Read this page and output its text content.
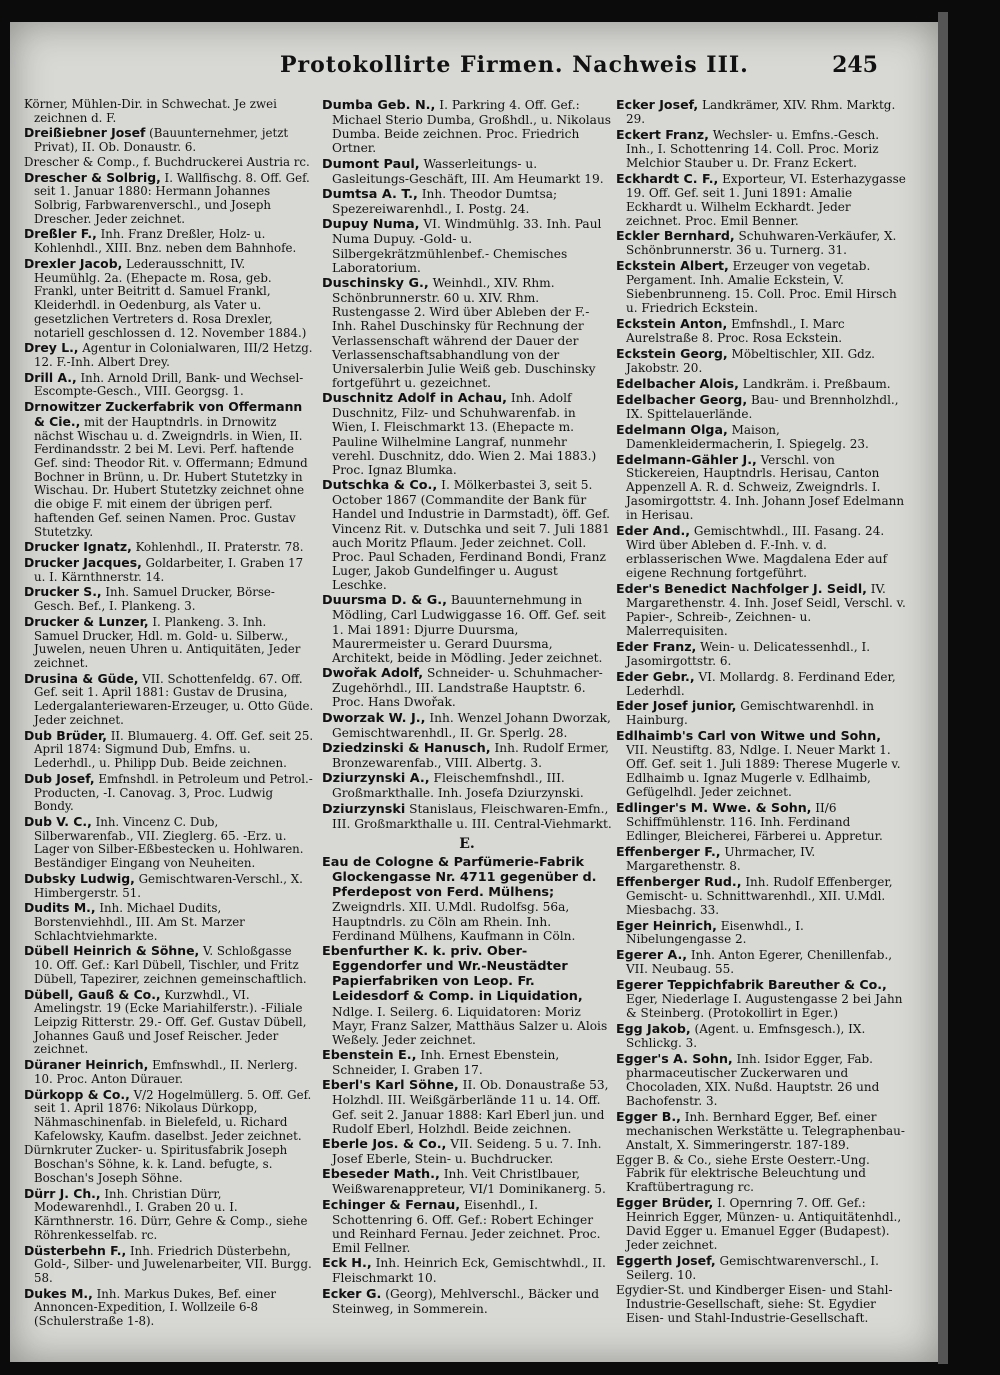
Protokollirte Firmen. Nachweis III.	245
Körner, Mühlen-Dir. in Schwechat. Je zwei zeichnen d. F.
Dreißiebner Josef (Bauunternehmer, jetzt Privat), II. Ob. Donaustr. 6.
Drescher & Comp., f. Buchdruckerei Austria rc.
Drescher & Solbrig, I. Wallfischg. 8. Off. Gef. seit 1. Januar 1880: Hermann Johannes Solbrig, Farbwarenverschl., und Joseph Drescher. Jeder zeichnet.
Dreßler F., Inh. Franz Dreßler, Holz- u. Kohlenhdl., XIII. Bnz. neben dem Bahnhofe.
Drexler Jacob, Lederausschnitt, IV. Heumühlg. 2a. (Ehepacte m. Rosa, geb. Frankl, unter Beitritt d. Samuel Frankl, Kleiderhdl. in Oedenburg, als Vater u. gesetzlichen Vertreters d. Rosa Drexler, notariell geschlossen d. 12. November 1884.)
Drey L., Agentur in Colonialwaren, III/2 Hetzg. 12. F.-Inh. Albert Drey.
Drill A., Inh. Arnold Drill, Bank- und Wechsel-Escompte-Gesch., VIII. Georgsg. 1.
Drnowitzer Zuckerfabrik von Offermann & Cie., mit der Hauptndrls. in Drnowitz nächst Wischau u. d. Zweigndrls. in Wien, II. Ferdinandsstr. 2 bei M. Levi. Perf. haftende Gef. sind: Theodor Rit. v. Offermann; Edmund Bochner in Brünn, u. Dr. Hubert Stutetzky in Wischau. Dr. Hubert Stutetzky zeichnet ohne die obige F. mit einem der übrigen perf. haftenden Gef. seinen Namen. Proc. Gustav Stutetzky.
Drucker Ignatz, Kohlenhdl., II. Praterstr. 78.
Drucker Jacques, Goldarbeiter, I. Graben 17 u. I. Kärnthnerstr. 14.
Drucker S., Inh. Samuel Drucker, Börse-Gesch. Bef., I. Plankeng. 3.
Drucker & Lunzer, I. Plankeng. 3. Inh. Samuel Drucker, Hdl. m. Gold- u. Silberw., Juwelen, neuen Uhren u. Antiquitäten, Jeder zeichnet.
Drusina & Güde, VII. Schottenfeldg. 67. Off. Gef. seit 1. April 1881: Gustav de Drusina, Ledergalanteriewaren-Erzeuger, u. Otto Güde. Jeder zeichnet.
Dub Brüder, II. Blumauerg. 4. Off. Gef. seit 25. April 1874: Sigmund Dub, Emfns. u. Lederhdl., u. Philipp Dub. Beide zeichnen.
Dub Josef, Emfnshdl. in Petroleum und Petrol.-Producten, -I. Canovag. 3, Proc. Ludwig Bondy.
Dub V. C., Inh. Vincenz C. Dub, Silberwarenfab., VII. Zieglerg. 65. -Erz. u. Lager von Silber-Eßbestecken u. Hohlwaren. Beständiger Eingang von Neuheiten.
Dubsky Ludwig, Gemischtwaren-Verschl., X. Himbergerstr. 51.
Dudits M., Inh. Michael Dudits, Borstenviehhdl., III. Am St. Marzer Schlachtviehmarkte.
Dübell Heinrich & Söhne, V. Schloßgasse 10. Off. Gef.: Karl Dübell, Tischler, und Fritz Dübell, Tapezirer, zeichnen gemeinschaftlich.
Dübell, Gauß & Co., Kurzwhdl., VI. Amelingstr. 19 (Ecke Mariahilferstr.). -Filiale Leipzig Ritterstr. 29.- Off. Gef. Gustav Dübell, Johannes Gauß und Josef Reischer. Jeder zeichnet.
Düraner Heinrich, Emfnswhdl., II. Nerlerg. 10. Proc. Anton Dürauer.
Dürkopp & Co., V/2 Hogelmüllerg. 5. Off. Gef. seit 1. April 1876: Nikolaus Dürkopp, Nähmaschinenfab. in Bielefeld, u. Richard Kafelowsky, Kaufm. daselbst. Jeder zeichnet.
Dürnkruter Zucker- u. Spiritusfabrik Joseph Boschan's Söhne, k. k. Land. befugte, s. Boschan's Joseph Söhne.
Dürr J. Ch., Inh. Christian Dürr, Modewarenhdl., I. Graben 20 u. I. Kärnthnerstr. 16. Dürr, Gehre & Comp., siehe Röhrenkesselfab. rc.
Düsterbehn F., Inh. Friedrich Düsterbehn, Gold-, Silber- und Juwelenarbeiter, VII. Burgg. 58.
Dukes M., Inh. Markus Dukes, Bef. einer Annoncen-Expedition, I. Wollzeile 6-8 (Schulerstraße 1-8).
Dumba Geb. N., I. Parkring 4. Off. Gef.: Michael Sterio Dumba, Großhdl., u. Nikolaus Dumba. Beide zeichnen. Proc. Friedrich Ortner.
Dumont Paul, Wasserleitungs- u. Gasleitungs-Geschäft, III. Am Heumarkt 19.
Dumtsa A. T., Inh. Theodor Dumtsa; Spezereiwarenhdl., I. Postg. 24.
Dupuy Numa, VI. Windmühlg. 33. Inh. Paul Numa Dupuy. -Gold- u. Silbergekrätzmühlenbef.- Chemisches Laboratorium.
Duschinsky G., Weinhdl., XIV. Rhm. Schönbrunnerstr. 60 u. XIV. Rhm. Rustengasse 2. Wird über Ableben der F.-Inh. Rahel Duschinsky für Rechnung der Verlassenschaft während der Dauer der Verlassenschaftsabhandlung von der Universalerbin Julie Weiß geb. Duschinsky fortgeführt u. gezeichnet.
Duschnitz Adolf in Achau, Inh. Adolf Duschnitz, Filz- und Schuhwarenfab. in Wien, I. Fleischmarkt 13. (Ehepacte m. Pauline Wilhelmine Langraf, nunmehr verehl. Duschnitz, ddo. Wien 2. Mai 1883.) Proc. Ignaz Blumka.
Dutschka & Co., I. Mölkerbastei 3, seit 5. October 1867 (Commandite der Bank für Handel und Industrie in Darmstadt), öff. Gef. Vincenz Rit. v. Dutschka und seit 7. Juli 1881 auch Moritz Pflaum. Jeder zeichnet. Coll. Proc. Paul Schaden, Ferdinand Bondi, Franz Luger, Jakob Gundelfinger u. August Leschke.
Duursma D. & G., Bauunternehmung in Mödling, Carl Ludwiggasse 16. Off. Gef. seit 1. Mai 1891: Djurre Duursma, Maurermeister u. Gerard Duursma, Architekt, beide in Mödling. Jeder zeichnet.
Dwořak Adolf, Schneider- u. Schuhmacher-Zugehörhdl., III. Landstraße Hauptstr. 6. Proc. Hans Dwořak.
Dworzak W. J., Inh. Wenzel Johann Dworzak, Gemischtwarenhdl., II. Gr. Sperlg. 28.
Dziedzinski & Hanusch, Inh. Rudolf Ermer, Bronzewarenfab., VIII. Albertg. 3.
Dziurzynski A., Fleischemfnshdl., III. Großmarkthalle. Inh. Josefa Dziurzynski.
Dziurzynski Stanislaus, Fleischwaren-Emfn., III. Großmarkthalle u. III. Central-Viehmarkt.
E.
Eau de Cologne & Parfümerie-Fabrik Glockengasse Nr. 4711 gegenüber d. Pferdepost von Ferd. Mülhens; Zweigndrls. XII. U.Mdl. Rudolfsg. 56a, Hauptndrls. zu Cöln am Rhein. Inh. Ferdinand Mülhens, Kaufmann in Cöln.
Ebenfurther K. k. priv. Ober-Eggendorfer und Wr.-Neustädter Papierfabriken von Leop. Fr. Leidesdorf & Comp. in Liquidation, Ndlge. I. Seilerg. 6. Liquidatoren: Moriz Mayr, Franz Salzer, Matthäus Salzer u. Alois Weßely. Jeder zeichnet.
Ebenstein E., Inh. Ernest Ebenstein, Schneider, I. Graben 17.
Eberl's Karl Söhne, II. Ob. Donaustraße 53, Holzhdl. III. Weißgärberlände 11 u. 14. Off. Gef. seit 2. Januar 1888: Karl Eberl jun. und Rudolf Eberl, Holzhdl. Beide zeichnen.
Eberle Jos. & Co., VII. Seideng. 5 u. 7. Inh. Josef Eberle, Stein- u. Buchdrucker.
Ebeseder Math., Inh. Veit Christlbauer, Weißwarenappreteur, VI/1 Dominikanerg. 5.
Echinger & Fernau, Eisenhdl., I. Schottenring 6. Off. Gef.: Robert Echinger und Reinhard Fernau. Jeder zeichnet. Proc. Emil Fellner.
Eck H., Inh. Heinrich Eck, Gemischtwhdl., II. Fleischmarkt 10.
Ecker G. (Georg), Mehlverschl., Bäcker und Steinweg, in Sommerein.
Ecker Josef, Landkrämer, XIV. Rhm. Marktg. 29.
Eckert Franz, Wechsler- u. Emfns.-Gesch. Inh., I. Schottenring 14. Coll. Proc. Moriz Melchior Stauber u. Dr. Franz Eckert.
Eckhardt C. F., Exporteur, VI. Esterhazygasse 19. Off. Gef. seit 1. Juni 1891: Amalie Eckhardt u. Wilhelm Eckhardt. Jeder zeichnet. Proc. Emil Benner.
Eckler Bernhard, Schuhwaren-Verkäufer, X. Schönbrunnerstr. 36 u. Turnerg. 31.
Eckstein Albert, Erzeuger von vegetab. Pergament. Inh. Amalie Eckstein, V. Siebenbrunneng. 15. Coll. Proc. Emil Hirsch u. Friedrich Eckstein.
Eckstein Anton, Emfnshdl., I. Marc Aurelstraße 8. Proc. Rosa Eckstein.
Eckstein Georg, Möbeltischler, XII. Gdz. Jakobstr. 20.
Edelbacher Alois, Landkräm. i. Preßbaum.
Edelbacher Georg, Bau- und Brennholzhdl., IX. Spittelauerlände.
Edelmann Olga, Maison, Damenkleidermacherin, I. Spiegelg. 23.
Edelmann-Gähler J., Verschl. von Stickereien, Hauptndrls. Herisau, Canton Appenzell A. R. d. Schweiz, Zweigndrls. I. Jasomirgottstr. 4. Inh. Johann Josef Edelmann in Herisau.
Eder And., Gemischtwhdl., III. Fasang. 24. Wird über Ableben d. F.-Inh. v. d. erblasserischen Wwe. Magdalena Eder auf eigene Rechnung fortgeführt.
Eder's Benedict Nachfolger J. Seidl, IV. Margarethenstr. 4. Inh. Josef Seidl, Verschl. v. Papier-, Schreib-, Zeichnen- u. Malerrequisiten.
Eder Franz, Wein- u. Delicatessenhdl., I. Jasomirgottstr. 6.
Eder Gebr., VI. Mollardg. 8. Ferdinand Eder, Lederhdl.
Eder Josef junior, Gemischtwarenhdl. in Hainburg.
Edlhaimb's Carl von Witwe und Sohn, VII. Neustiftg. 83, Ndlge. I. Neuer Markt 1. Off. Gef. seit 1. Juli 1889: Therese Mugerle v. Edlhaimb u. Ignaz Mugerle v. Edlhaimb, Gefügelhdl. Jeder zeichnet.
Edlinger's M. Wwe. & Sohn, II/6 Schiffmühlenstr. 116. Inh. Ferdinand Edlinger, Bleicherei, Färberei u. Appretur.
Effenberger F., Uhrmacher, IV. Margarethenstr. 8.
Effenberger Rud., Inh. Rudolf Effenberger, Gemischt- u. Schnittwarenhdl., XII. U.Mdl. Miesbachg. 33.
Eger Heinrich, Eisenwhdl., I. Nibelungengasse 2.
Egerer A., Inh. Anton Egerer, Chenillenfab., VII. Neubaug. 55.
Egerer Teppichfabrik Bareuther & Co., Eger, Niederlage I. Augustengasse 2 bei Jahn & Steinberg. (Protokollirt in Eger.)
Egg Jakob, (Agent. u. Emfnsgesch.), IX. Schlickg. 3.
Egger's A. Sohn, Inh. Isidor Egger, Fab. pharmaceutischer Zuckerwaren und Chocoladen, XIX. Nußd. Hauptstr. 26 und Bachofenstr. 3.
Egger B., Inh. Bernhard Egger, Bef. einer mechanischen Werkstätte u. Telegraphenbau-Anstalt, X. Simmeringerstr. 187-189.
Egger B. & Co., siehe Erste Oesterr.-Ung. Fabrik für elektrische Beleuchtung und Kraftübertragung rc.
Egger Brüder, I. Opernring 7. Off. Gef.: Heinrich Egger, Münzen- u. Antiquitätenhdl., David Egger u. Emanuel Egger (Budapest). Jeder zeichnet.
Eggerth Josef, Gemischtwarenverschl., I. Seilerg. 10.
Egydier-St. und Kindberger Eisen- und Stahl-Industrie-Gesellschaft, siehe: St. Egydier Eisen- und Stahl-Industrie-Gesellschaft.
